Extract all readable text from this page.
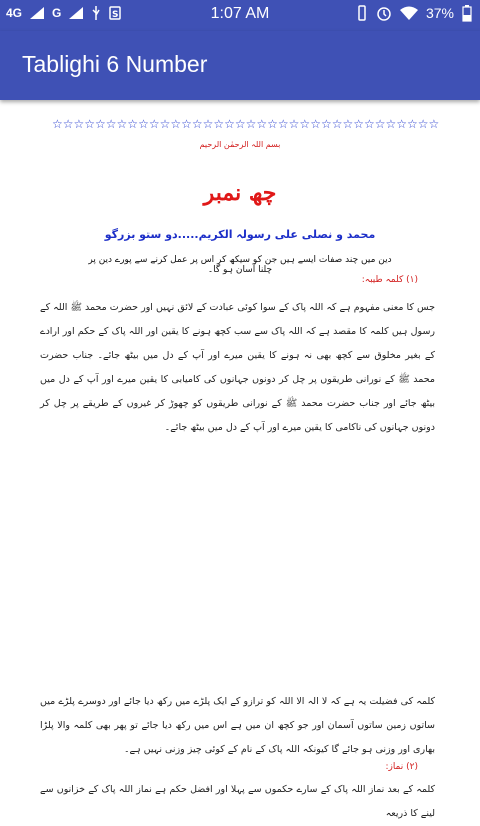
4G	G	S	1:07 AM	37%
Tablighi 6 Number
☆☆☆☆☆☆☆☆☆☆☆☆☆☆☆☆☆☆☆☆☆☆☆☆☆☆☆☆☆☆☆☆☆☆☆☆
بسم اللہ الرحمٰن الرحیم
چھ نمبر
محمد و نصلی علی رسولہ الکریم.....دو ستو بزرگو
دین میں چند صفات ایسے ہیں جن کو سیکھ کر اس پر عمل کرنے سے پورے دین پر چلنا آسان ہو گا۔
(۱) کلمہ طیبہ:
جس کا معنی مفہوم ہے کہ اللہ پاک کے سوا کوئی عبادت کے لائق نہیں اور حضرت محمد ﷺ اللہ کے رسول ہیں کلمہ کا مقصد ہے کہ اللہ پاک سے سب کچھ ہونے کا یقین اور اللہ پاک کے حکم اور ارادے کے بغیر مخلوق سے کچھ بھی نہ ہونے کا یقین میرے اور آپ کے دل میں بیٹھ جائے۔ جناب حضرت محمد ﷺ کے نورانی طریقوں پر چل کر دونوں جہانوں کی کامیابی کا یقین میرے اور آپ کے دل میں بیٹھ جائے اور جناب حضرت محمد ﷺ کے نورانی طریقوں کو چھوڑ کر غیروں کے طریقے پر چل کر دونوں جہانوں کی ناکامی کا یقین میرے اور آپ کے دل میں بیٹھ جائے۔
کلمہ کی فضیلت یہ ہے کہ لا الہ الا اللہ کو ترازو کے ایک پلڑے میں رکھ دیا جائے اور دوسرے پلڑے میں ساتوں زمین ساتوں آسمان اور جو کچھ ان میں ہے اس میں رکھ دیا جائے تو پھر بھی کلمہ والا پلڑا بھاری اور وزنی ہو جائے گا کیونکہ اللہ پاک کے نام کے کوئی چیز وزنی نہیں ہے۔
(۲) نماز:
کلمہ کے بعد نماز اللہ پاک کے سارے حکموں سے پہلا اور افضل حکم ہے نماز اللہ پاک کے خزانوں سے لینے کا ذریعہ
